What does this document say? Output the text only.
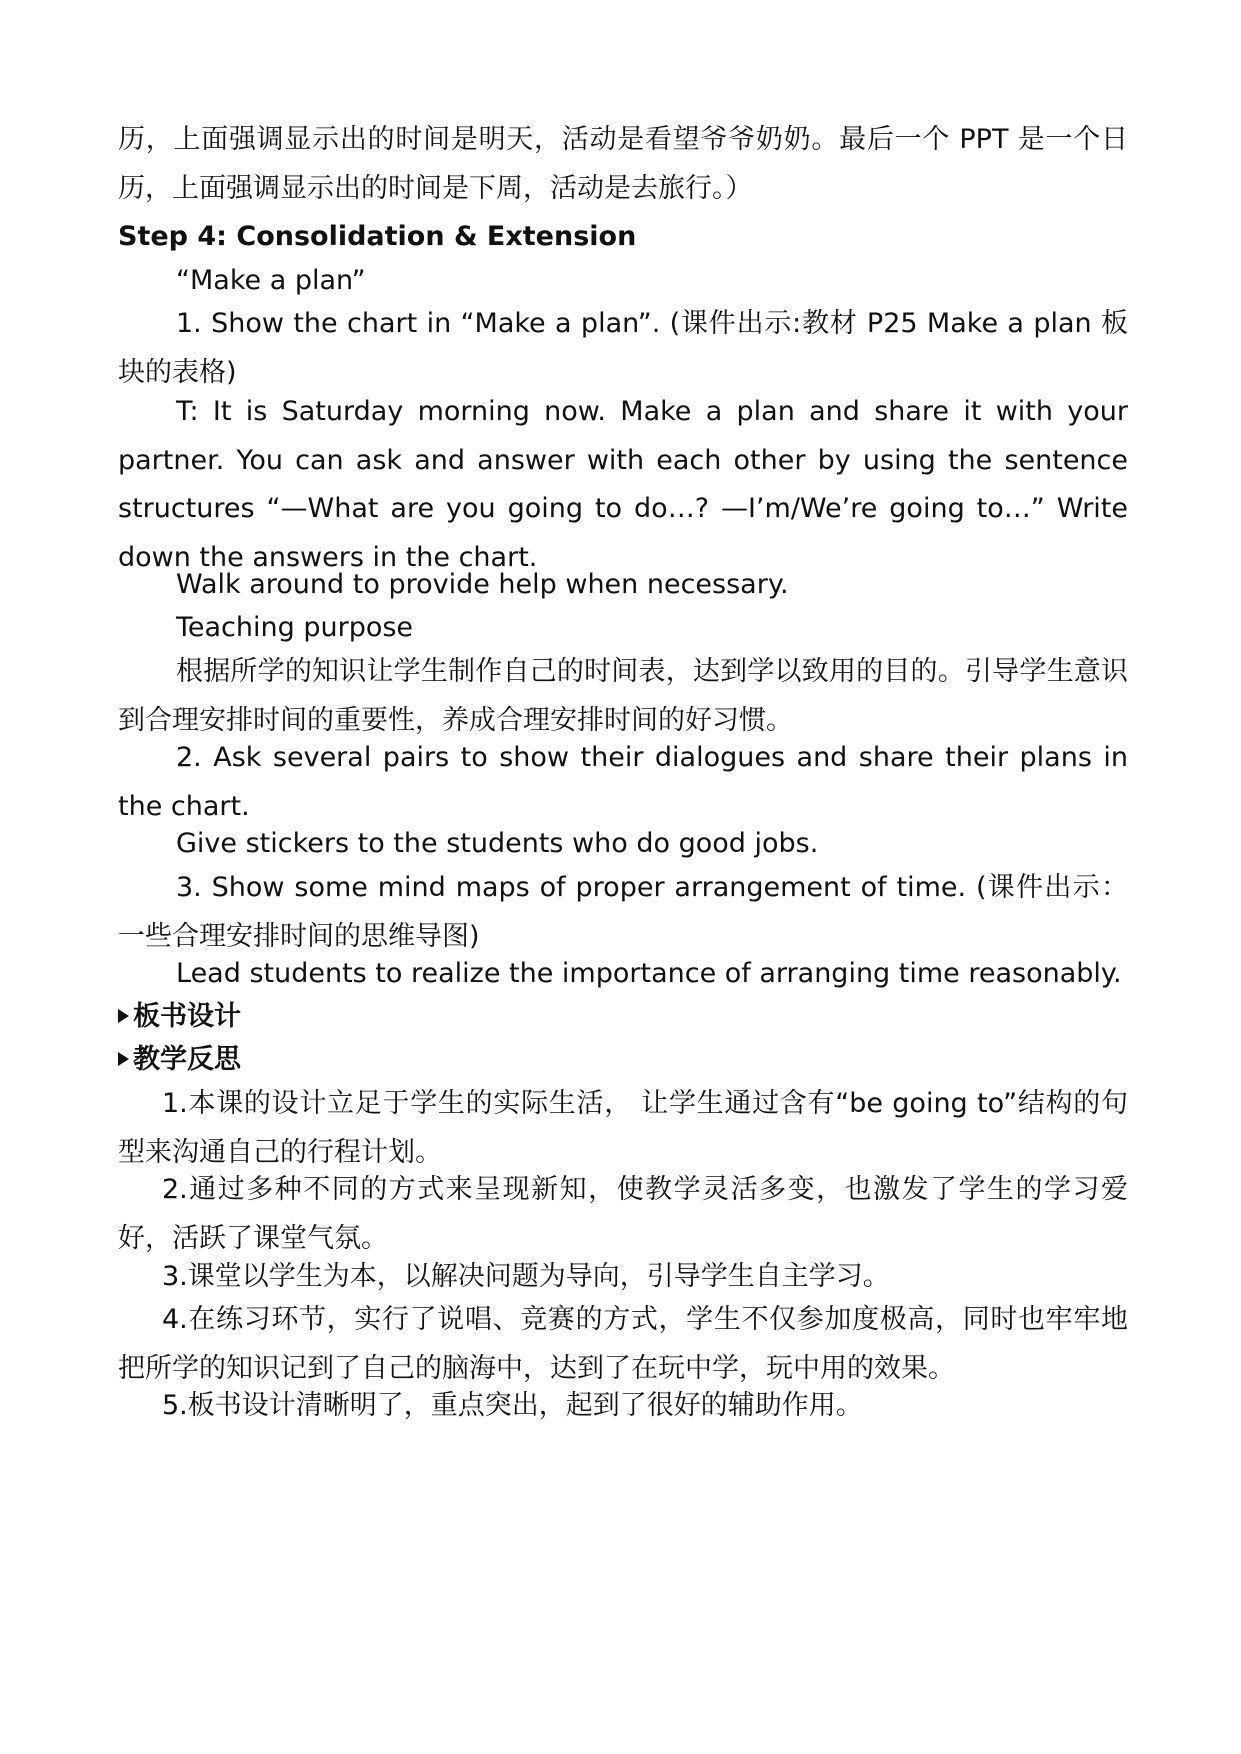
历，上面强调显示出的时间是明天，活动是看望爷爷奶奶。最后一个 PPT 是一个日历，上面强调显示出的时间是下周，活动是去旅行。）

Step 4: Consolidation & Extension

“Make a plan”

1. Show the chart in “Make a plan”. (课件出示:教材 P25 Make a plan 板块的表格)

T: It is Saturday morning now. Make a plan and share it with your partner. You can ask and answer with each other by using the sentence structures “—What are you going to do…? —I’m/We’re going to…” Write down the answers in the chart.

Walk around to provide help when necessary.

Teaching purpose

根据所学的知识让学生制作自己的时间表，达到学以致用的目的。引导学生意识到合理安排时间的重要性，养成合理安排时间的好习惯。

2. Ask several pairs to show their dialogues and share their plans in the chart.

Give stickers to the students who do good jobs.

3. Show some mind maps of proper arrangement of time. (课件出示：一些合理安排时间的思维导图)

Lead students to realize the importance of arranging time reasonably.

板书设计

教学反思

1.本课的设计立足于学生的实际生活， 让学生通过含有“be going to”结构的句型来沟通自己的行程计划。

2.通过多种不同的方式来呈现新知，使教学灵活多变，也激发了学生的学习爱好，活跃了课堂气氛。

3.课堂以学生为本，以解决问题为导向，引导学生自主学习。

4.在练习环节，实行了说唱、竞赛的方式，学生不仅参加度极高，同时也牢牢地把所学的知识记到了自己的脑海中，达到了在玩中学，玩中用的效果。

5.板书设计清晰明了，重点突出，起到了很好的辅助作用。
